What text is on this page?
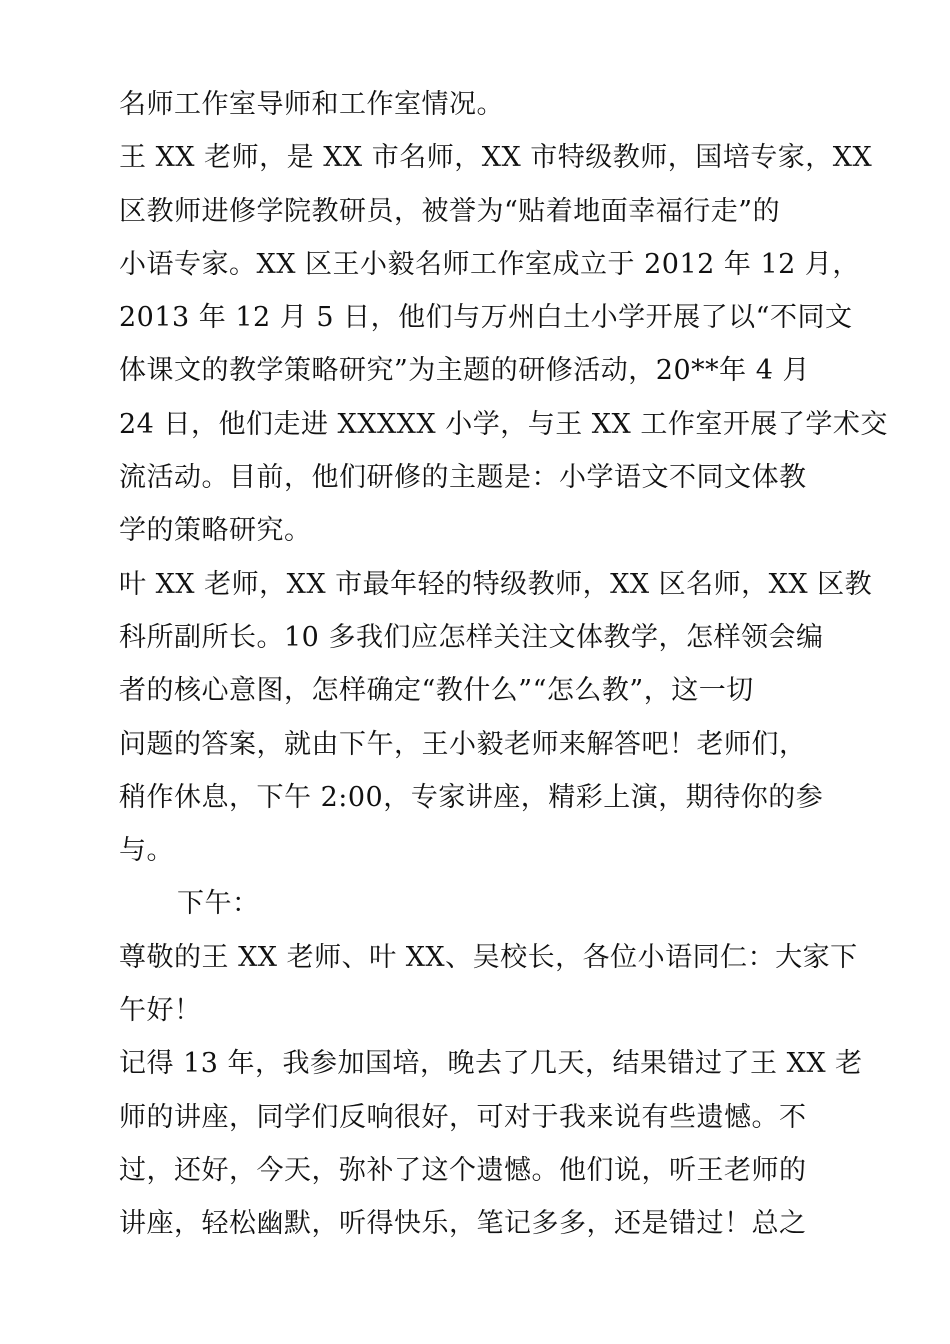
名师工作室导师和工作室情况。
王 XX 老师，是 XX 市名师，XX 市特级教师，国培专家，XX
区教师进修学院教研员，被誉为“贴着地面幸福行走”的
小语专家。XX 区王小毅名师工作室成立于 2012 年 12 月，
2013 年 12 月 5 日，他们与万州白土小学开展了以“不同文
体课文的教学策略研究”为主题的研修活动，20**年 4 月
24 日，他们走进 XXXXX 小学，与王 XX 工作室开展了学术交
流活动。目前，他们研修的主题是：小学语文不同文体教
学的策略研究。
叶 XX 老师，XX 市最年轻的特级教师，XX 区名师，XX 区教
科所副所长。10 多我们应怎样关注文体教学，怎样领会编
者的核心意图，怎样确定“教什么”“怎么教”，这一切
问题的答案，就由下午，王小毅老师来解答吧！老师们，
稍作休息，下午 2:00，专家讲座，精彩上演，期待你的参
与。
下午：
尊敬的王 XX 老师、叶 XX、吴校长，各位小语同仁：大家下
午好！
记得 13 年，我参加国培，晚去了几天，结果错过了王 XX 老
师的讲座，同学们反响很好，可对于我来说有些遗憾。不
过，还好，今天，弥补了这个遗憾。他们说，听王老师的
讲座，轻松幽默，听得快乐，笔记多多，还是错过！总之
